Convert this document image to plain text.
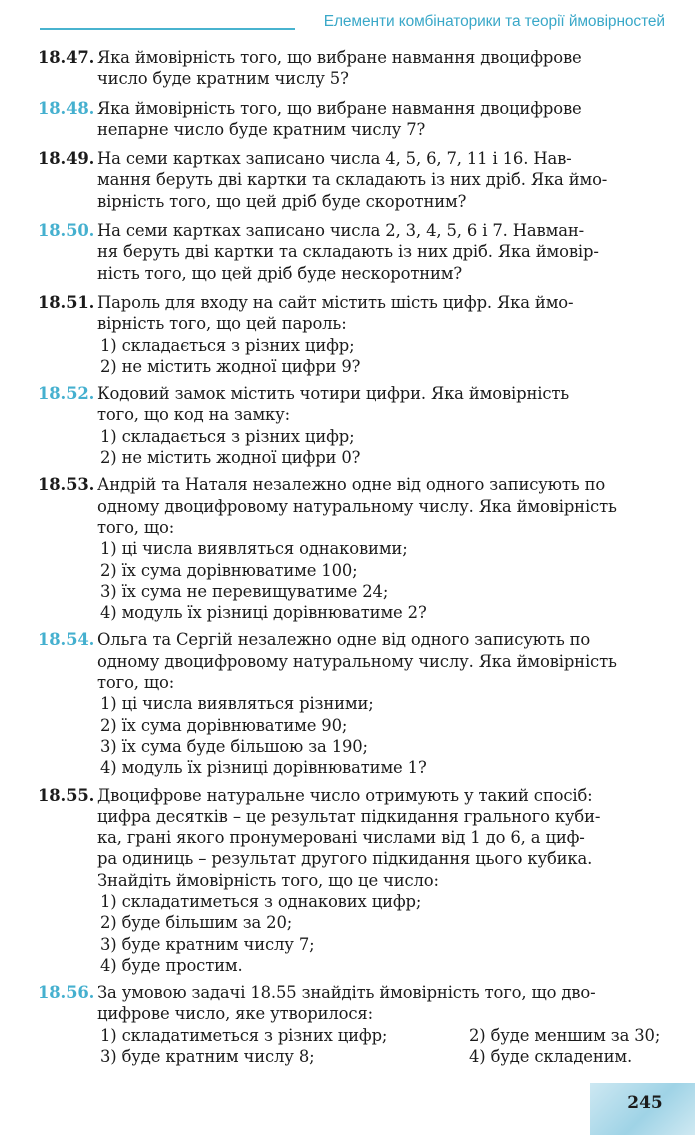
Елементи комбінаторики та теорії ймовірностей
18.47. Яка ймовірність того, що вибране навмання двоцифрове
число буде кратним числу 5?
18.48. Яка ймовірність того, що вибране навмання двоцифрове
непарне число буде кратним числу 7?
18.49. На семи картках записано числа 4, 5, 6, 7, 11 і 16. Нав-
мання беруть дві картки та складають із них дріб. Яка ймо-
вірність того, що цей дріб буде скоротним?
18.50. На семи картках записано числа 2, 3, 4, 5, 6 і 7. Навман-
ня беруть дві картки та складають із них дріб. Яка ймовір-
ність того, що цей дріб буде нескоротним?
18.51. Пароль для входу на сайт містить шість цифр. Яка ймо-
вірність того, що цей пароль:
1) складається з різних цифр;
2) не містить жодної цифри 9?
18.52. Кодовий замок містить чотири цифри. Яка ймовірність
того, що код на замку:
1) складається з різних цифр;
2) не містить жодної цифри 0?
18.53. Андрій та Наталя незалежно одне від одного записують по
одному двоцифровому натуральному числу. Яка ймовірність
того, що:
1) ці числа виявляться однаковими;
2) їх сума дорівнюватиме 100;
3) їх сума не перевищуватиме 24;
4) модуль їх різниці дорівнюватиме 2?
18.54. Ольга та Сергій незалежно одне від одного записують по
одному двоцифровому натуральному числу. Яка ймовірність
того, що:
1) ці числа виявляться різними;
2) їх сума дорівнюватиме 90;
3) їх сума буде більшою за 190;
4) модуль їх різниці дорівнюватиме 1?
18.55. Двоцифрове натуральне число отримують у такий спосіб:
цифра десятків – це результат підкидання грального куби-
ка, грані якого пронумеровані числами від 1 до 6, а циф-
ра одиниць – результат другого підкидання цього кубика.
Знайдіть ймовірність того, що це число:
1) складатиметься з однакових цифр;
2) буде більшим за 20;
3) буде кратним числу 7;
4) буде простим.
18.56. За умовою задачі 18.55 знайдіть ймовірність того, що дво-
цифрове число, яке утворилося:
1) складатиметься з різних цифр;	2) буде меншим за 30;
3) буде кратним числу 8;	4) буде складеним.
245
